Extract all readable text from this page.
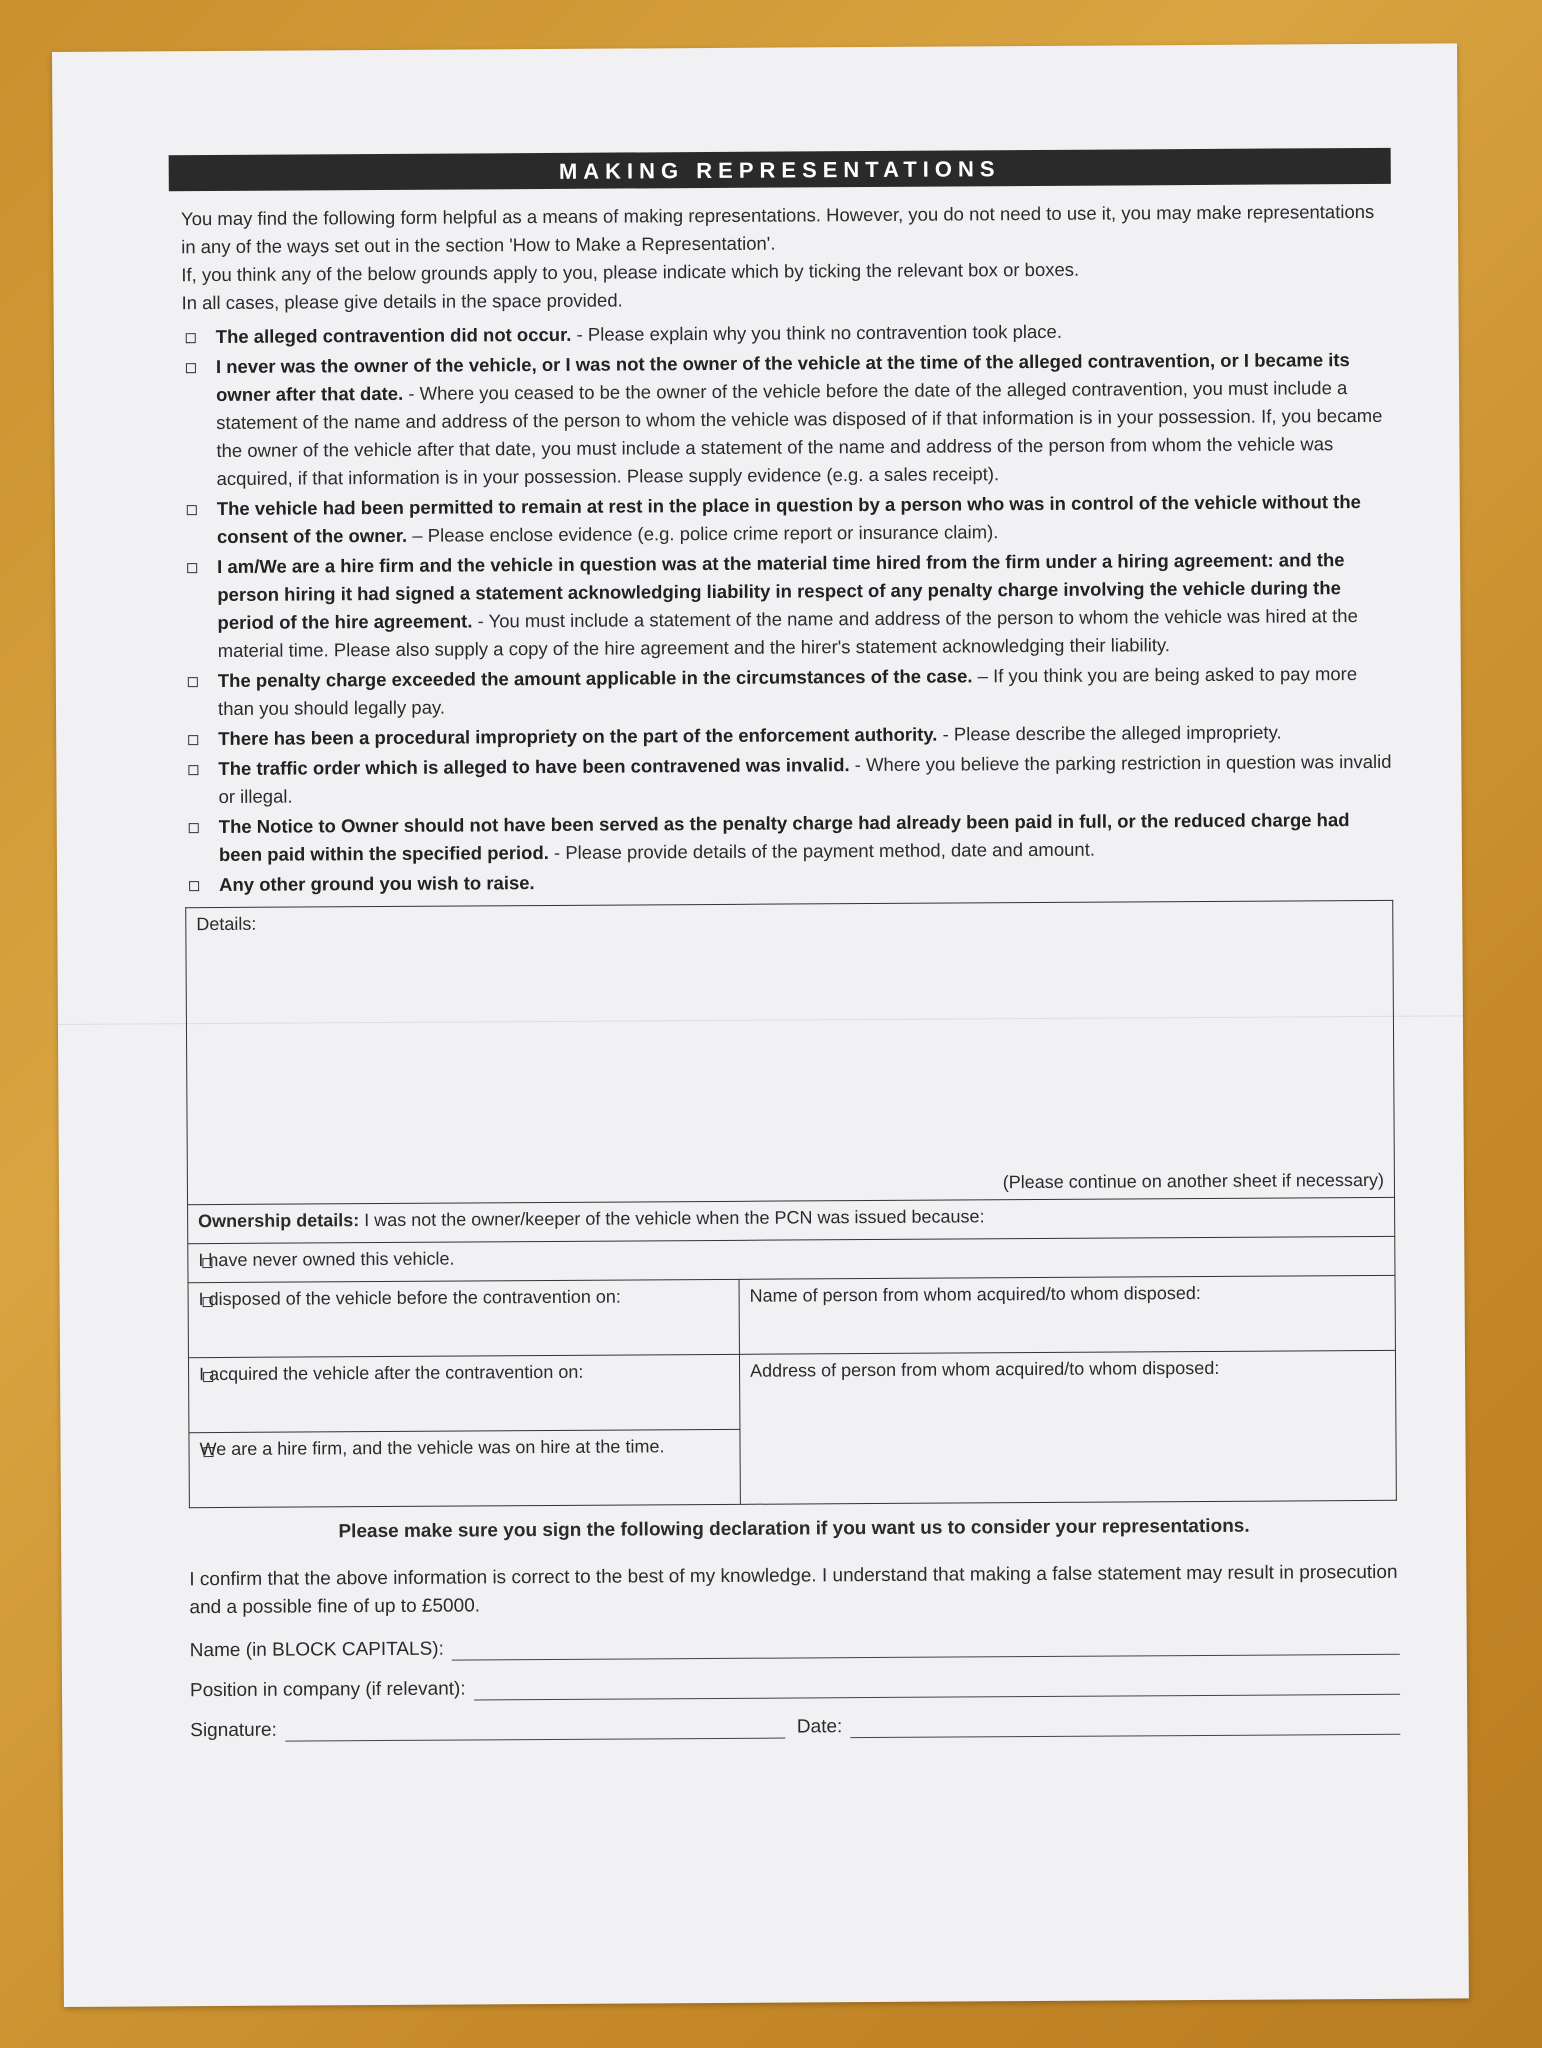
MAKING REPRESENTATIONS

You may find the following form helpful as a means of making representations. However, you do not need to use it, you may make representations in any of the ways set out in the section 'How to Make a Representation'.

If, you think any of the below grounds apply to you, please indicate which by ticking the relevant box or boxes.

In all cases, please give details in the space provided.

The alleged contravention did not occur. - Please explain why you think no contravention took place.
I never was the owner of the vehicle, or I was not the owner of the vehicle at the time of the alleged contravention, or I became its owner after that date. - Where you ceased to be the owner of the vehicle before the date of the alleged contravention, you must include a statement of the name and address of the person to whom the vehicle was disposed of if that information is in your possession. If, you became the owner of the vehicle after that date, you must include a statement of the name and address of the person from whom the vehicle was acquired, if that information is in your possession. Please supply evidence (e.g. a sales receipt).
The vehicle had been permitted to remain at rest in the place in question by a person who was in control of the vehicle without the consent of the owner. – Please enclose evidence (e.g. police crime report or insurance claim).
I am/We are a hire firm and the vehicle in question was at the material time hired from the firm under a hiring agreement: and the person hiring it had signed a statement acknowledging liability in respect of any penalty charge involving the vehicle during the period of the hire agreement. - You must include a statement of the name and address of the person to whom the vehicle was hired at the material time. Please also supply a copy of the hire agreement and the hirer's statement acknowledging their liability.
The penalty charge exceeded the amount applicable in the circumstances of the case. – If you think you are being asked to pay more than you should legally pay.
There has been a procedural impropriety on the part of the enforcement authority. - Please describe the alleged impropriety.
The traffic order which is alleged to have been contravened was invalid. - Where you believe the parking restriction in question was invalid or illegal.
The Notice to Owner should not have been served as the penalty charge had already been paid in full, or the reduced charge had been paid within the specified period. - Please provide details of the payment method, date and amount.
Any other ground you wish to raise.
Details:
(Please continue on another sheet if necessary)	

Ownership details: I was not the owner/keeper of the vehicle when the PCN was issued because:	

I have never owned this vehicle.	

I disposed of the vehicle before the contravention on:	Name of person from whom acquired/to whom disposed:

I acquired the vehicle after the contravention on:	Address of person from whom acquired/to whom disposed:

We are a hire firm, and the vehicle was on hire at the time.	
Please make sure you sign the following declaration if you want us to consider your representations.
I confirm that the above information is correct to the best of my knowledge. I understand that making a false statement may result in prosecution and a possible fine of up to £5000.
Name (in BLOCK CAPITALS):
Position in company (if relevant):
Signature:	Date:
